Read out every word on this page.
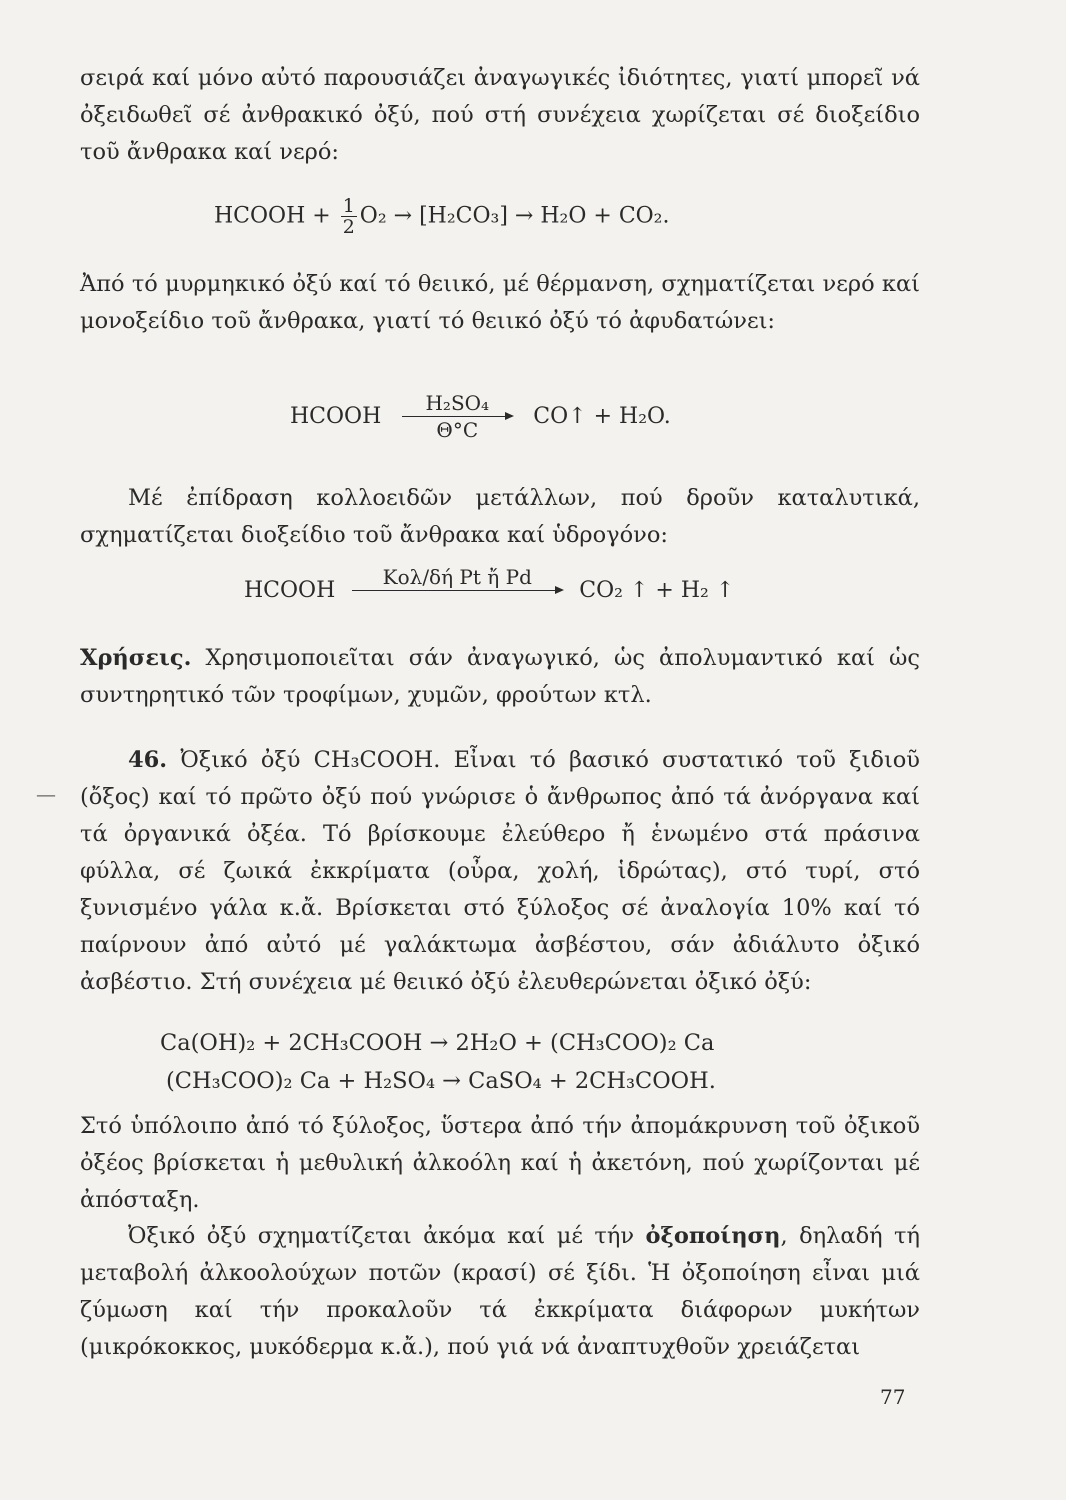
σειρά καί μόνο αὐτό παρουσιάζει ἀναγωγικές ἰδιότητες, γιατί μπορεῖ νά ὀξειδωθεῖ σέ ἀνθρακικό ὀξύ, πού στή συνέχεια χωρίζεται σέ διοξείδιο τοῦ ἄνθρακα καί νερό:

HCOOH + $\frac{1}{2} O_2 \to [H_2CO_3] \to H_2O + CO_2$.

Ἀπό τό μυρμηκικό ὀξύ καί τό θειικό, μέ θέρμανση, σχηματίζεται νερό καί μονοξείδιο τοῦ ἄνθρακα, γιατί τό θειικό ὀξύ τό ἀφυδατώνει:

HCOOH $\frac{\text{H₂SO₄}}{\Theta^\circ C}$ CO↑ + H₂O.

Μέ ἐπίδραση κολλοειδῶν μετάλλων, πού δροῦν καταλυτικά, σχηματίζεται διοξείδιο τοῦ ἄνθρακα καί ὑδρογόνο:

HCOOH
Κολ/δή Pt ἤ Pd

CO₂ ↑ + H₂ ↑

Χρήσεις. Χρησιμοποιεῖται σάν ἀναγωγικό, ὡς ἀπολυμαντικό καί ὡς συντηρητικό τῶν τροφίμων, χυμῶν, φρούτων κτλ.

—

46. Ὀξικό ὀξύ CH₃COOH. Εἶναι τό βασικό συστατικό τοῦ ξιδιοῦ (ὄξος) καί τό πρῶτο ὀξύ πού γνώρισε ὁ ἄνθρωπος ἀπό τά ἀνόργανα καί τά ὀργανικά ὀξέα. Τό βρίσκουμε ἐλεύθερο ἤ ἑνωμένο στά πράσινα φύλλα, σέ ζωικά ἐκκρίματα (οὖρα, χολή, ἱδρώτας), στό τυρί, στό ξυνισμένο γάλα κ.ἄ. Βρίσκεται στό ξύλοξος σέ ἀναλογία 10% καί τό παίρνουν ἀπό αὐτό μέ γαλάκτωμα ἀσβέστου, σάν ἀδιάλυτο ὀξικό ἀσβέστιο. Στή συνέχεια μέ θειικό ὀξύ ἐλευθερώνεται ὀξικό ὀξύ:

Ca(OH)₂ + 2CH₃COOH → 2H₂O + (CH₃COO)₂ Ca
(CH₃COO)₂ Ca + H₂SO₄ → CaSO₄ + 2CH₃COOH.

Στό ὑπόλοιπο ἀπό τό ξύλοξος, ὕστερα ἀπό τήν ἀπομάκρυνση τοῦ ὀξικοῦ ὀξέος βρίσκεται ἡ μεθυλική ἀλκοόλη καί ἡ ἀκετόνη, πού χωρίζονται μέ ἀπόσταξη.

Ὀξικό ὀξύ σχηματίζεται ἀκόμα καί μέ τήν ὀξοποίηση, δηλαδή τή μεταβολή ἀλκοολούχων ποτῶν (κρασί) σέ ξίδι. Ἡ ὀξοποίηση εἶναι μιά ζύμωση καί τήν προκαλοῦν τά ἐκκρίματα διάφορων μυκήτων (μικρόκοκκος, μυκόδερμα κ.ἄ.), πού γιά νά ἀναπτυχθοῦν χρειάζεται

77
